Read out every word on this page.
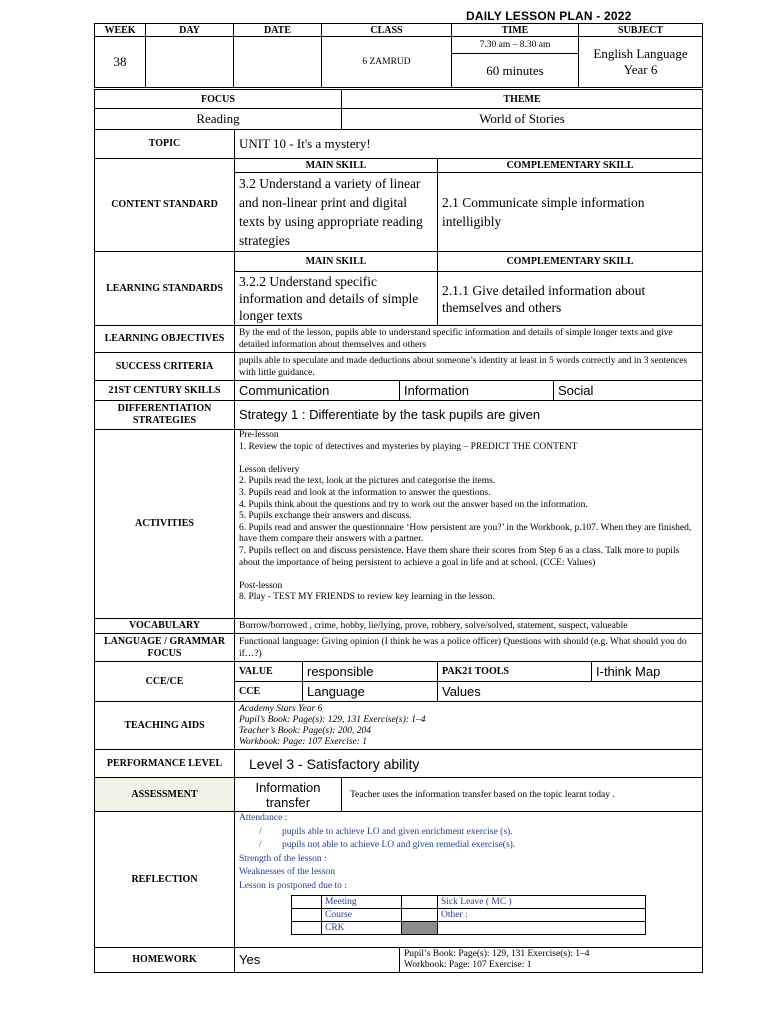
DAILY LESSON PLAN - 2022
WEEK	DAY	DATE	CLASS	TIME	SUBJECT
38			6 ZAMRUD	7.30 am – 8.30 am	English Language Year 6
				60 minutes	
FOCUS	THEME
Reading	World of Stories
TOPIC	UNIT 10 - It's a mystery!
CONTENT STANDARD	MAIN SKILL	COMPLEMENTARY SKILL
3.2 Understand a variety of linear and non-linear print and digital texts by using appropriate reading strategies	2.1 Communicate simple information intelligibly
LEARNING STANDARDS	MAIN SKILL	COMPLEMENTARY SKILL
3.2.2 Understand specific information and details of simple longer texts	2.1.1 Give detailed information about themselves and others
LEARNING OBJECTIVES	By the end of the lesson, pupils able to understand specific information and details of simple longer texts and give detailed information about themselves and others
SUCCESS CRITERIA	pupils able to speculate and made deductions about someone’s identity at least in 5 words correctly and in 3 sentences with little guidance.
21ST CENTURY SKILLS	Communication	Information	Social
DIFFERENTIATION STRATEGIES	Strategy 1 : Differentiate by the task pupils are given
ACTIVITIES	
Pre-lesson
1. Review the topic of detectives and mysteries by playing – PREDICT THE CONTENT

Lesson delivery
2. Pupils read the text, look at the pictures and categorise the items.
3. Pupils read and look at the information to answer the questions.
4. Pupils think about the questions and try to work out the answer based on the information.
5. Pupils exchange their answers and discuss.
6. Pupils read and answer the questionnaire ‘How persistent are you?’ in the Workbook, p.107. When they are finished, have them compare their answers with a partner.
7. Pupils reflect on and discuss persistence. Have them share their scores from Step 6 as a class. Talk more to pupils about the importance of being persistent to achieve a goal in life and at school. (CCE: Values)

Post-lesson
8. Play - TEST MY FRIENDS to review key learning in the lesson.

VOCABULARY	Borrow/borrowed , crime, hobby, lie/lying, prove, robbery, solve/solved, statement, suspect, valueable
LANGUAGE / GRAMMAR FOCUS	Functional language: Giving opinion (I think he was a police officer) Questions with should (e.g. What should you do if…?)
CCE/CE	VALUE	responsible	PAK21 TOOLS	I-think Map
CCE	Language	Values
TEACHING AIDS	
Academy Stars Year 6
Pupil’s Book: Page(s): 129, 131 Exercise(s): 1–4
Teacher’s Book: Page(s): 200, 204
Workbook: Page: 107 Exercise: 1

PERFORMANCE LEVEL	Level 3 - Satisfactory ability
ASSESSMENT	Information transfer	Teacher uses the information transfer based on the topic learnt today .
REFLECTION	
Attendance :
/ pupils able to achieve LO and given enrichment exercise (s).
/ pupils not able to achieve LO and given remedial exercise(s).
Strength of the lesson :
Weaknesses of the lesson
Lesson is postponed due to :
	Meeting		Sick Leave ( MC )
	Course		Other :
	CRK		

HOMEWORK	Yes	Pupil’s Book: Page(s): 129, 131 Exercise(s): 1–4
Workbook: Page: 107 Exercise: 1
